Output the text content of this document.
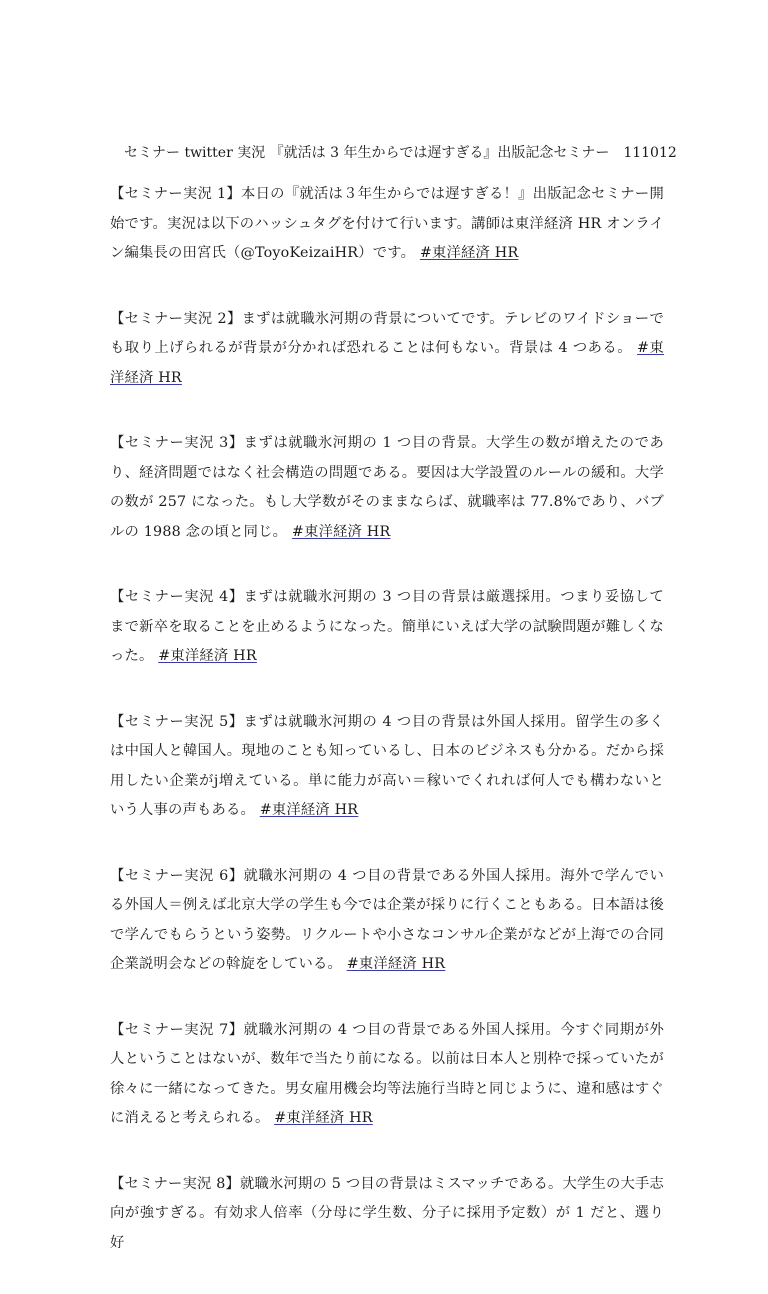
セミナー twitter 実況 『就活は 3 年生からでは遅すぎる』出版記念セミナー　111012

【セミナー実況 1】本日の『就活は３年生からでは遅すぎる！』出版記念セミナー開始です。実況は以下のハッシュタグを付けて行います。講師は東洋経済 HR オンライン編集長の田宮氏（@ToyoKeizaiHR）です。 #東洋経済 HR

【セミナー実況 2】まずは就職氷河期の背景についてです。テレビのワイドショーでも取り上げられるが背景が分かれば恐れることは何もない。背景は 4 つある。 #東洋経済 HR

【セミナー実況 3】まずは就職氷河期の 1 つ目の背景。大学生の数が増えたのであり、経済問題ではなく社会構造の問題である。要因は大学設置のルールの緩和。大学の数が 257 になった。もし大学数がそのままならば、就職率は 77.8%であり、バブルの 1988 念の頃と同じ。 #東洋経済 HR

【セミナー実況 4】まずは就職氷河期の 3 つ目の背景は厳選採用。つまり妥協してまで新卒を取ることを止めるようになった。簡単にいえば大学の試験問題が難しくなった。 #東洋経済 HR

【セミナー実況 5】まずは就職氷河期の 4 つ目の背景は外国人採用。留学生の多くは中国人と韓国人。現地のことも知っているし、日本のビジネスも分かる。だから採用したい企業がj増えている。単に能力が高い＝稼いでくれれば何人でも構わないという人事の声もある。 #東洋経済 HR

【セミナー実況 6】就職氷河期の 4 つ目の背景である外国人採用。海外で学んでいる外国人＝例えば北京大学の学生も今では企業が採りに行くこともある。日本語は後で学んでもらうという姿勢。リクルートや小さなコンサル企業がなどが上海での合同企業説明会などの斡旋をしている。 #東洋経済 HR

【セミナー実況 7】就職氷河期の 4 つ目の背景である外国人採用。今すぐ同期が外人ということはないが、数年で当たり前になる。以前は日本人と別枠で採っていたが徐々に一緒になってきた。男女雇用機会均等法施行当時と同じように、違和感はすぐに消えると考えられる。 #東洋経済 HR

【セミナー実況 8】就職氷河期の 5 つ目の背景はミスマッチである。大学生の大手志向が強すぎる。有効求人倍率（分母に学生数、分子に採用予定数）が 1 だと、選り好
